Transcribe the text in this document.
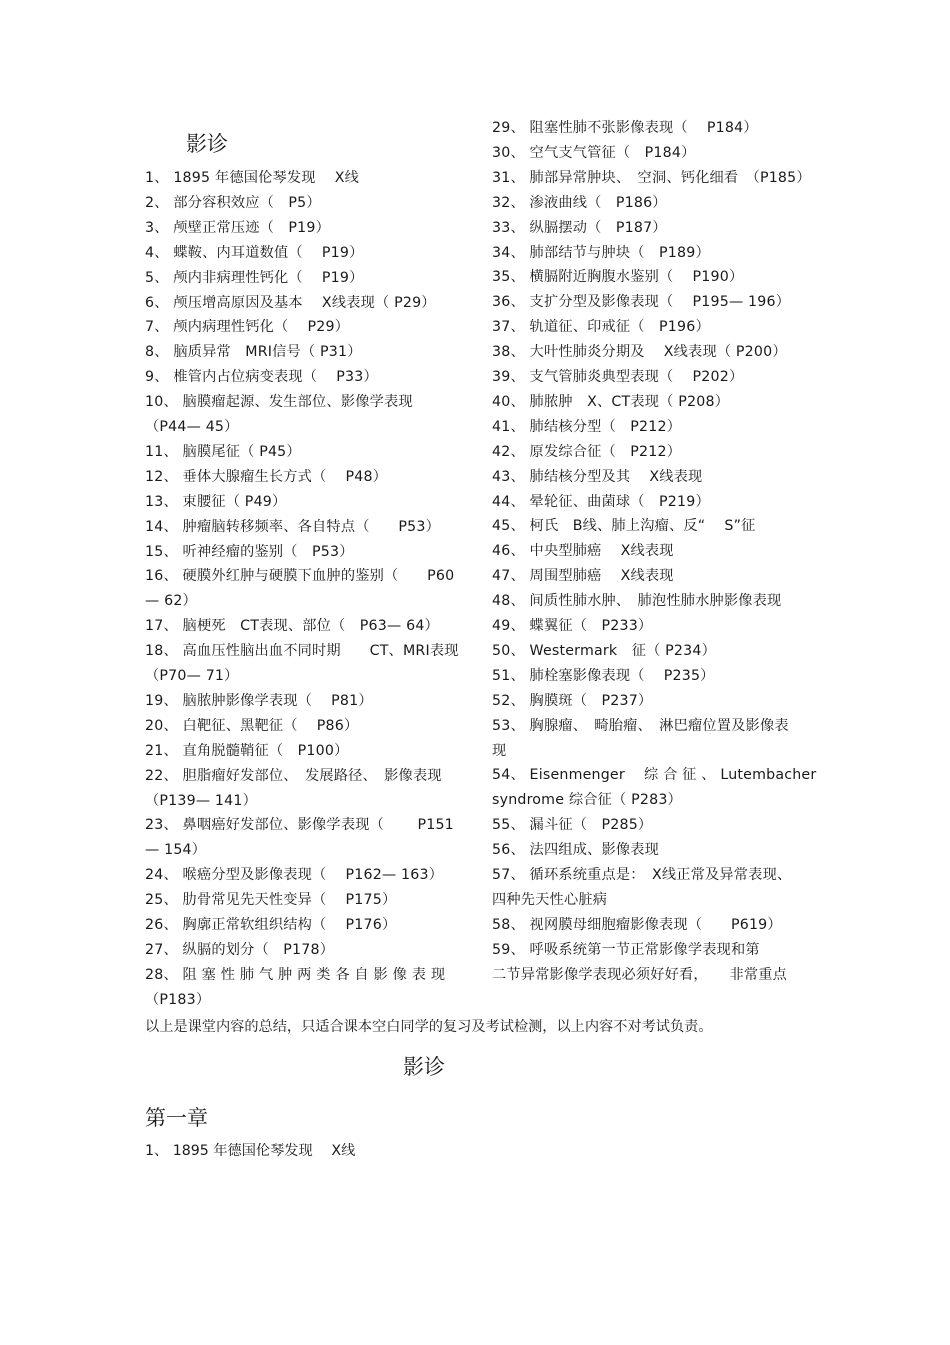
影诊
1、 1895 年德国伦琴发现　 X线
2、 部分容积效应（　P5）
3、 颅壁正常压迹（　P19）
4、 蝶鞍、内耳道数值（　 P19）
5、 颅内非病理性钙化（　 P19）
6、 颅压增高原因及基本　 X线表现（ P29）
7、 颅内病理性钙化（　 P29）
8、 脑质异常　MRI信号（ P31）
9、 椎管内占位病变表现（　 P33）
10、 脑膜瘤起源、发生部位、影像学表现
（P44— 45）
11、 脑膜尾征（ P45）
12、 垂体大腺瘤生长方式（　 P48）
13、 束腰征（ P49）
14、 肿瘤脑转移频率、各自特点（　　P53）
15、 听神经瘤的鉴别（　P53）
16、 硬膜外红肿与硬膜下血肿的鉴别（　　P60
— 62）
17、 脑梗死　CT表现、部位（　P63— 64）
18、 高血压性脑出血不同时期　　CT、MRI表现
（P70— 71）
19、 脑脓肿影像学表现（　 P81）
20、 白靶征、黑靶征（　 P86）
21、 直角脱髓鞘征（　P100）
22、 胆脂瘤好发部位、　发展路径、　影像表现
（P139— 141）
23、 鼻咽癌好发部位、影像学表现（　　 P151
— 154）
24、 喉癌分型及影像表现（　 P162— 163）
25、 肋骨常见先天性变异（　 P175）
26、 胸廓正常软组织结构（　 P176）
27、 纵膈的划分（　P178）
28、 阻 塞 性 肺 气 肿 两 类 各 自 影 像 表 现
（P183）
29、 阻塞性肺不张影像表现（　 P184）
30、 空气支气管征（　P184）
31、 肺部异常肿块、　空洞、钙化细看　（P185）
32、 渗液曲线（　P186）
33、 纵膈摆动（　P187）
34、 肺部结节与肿块（　P189）
35、 横膈附近胸腹水鉴别（　 P190）
36、 支扩分型及影像表现（　 P195— 196）
37、 轨道征、印戒征（　P196）
38、 大叶性肺炎分期及　 X线表现（ P200）
39、 支气管肺炎典型表现（　 P202）
40、 肺脓肿　X、CT表现（ P208）
41、 肺结核分型（　P212）
42、 原发综合征（　P212）
43、 肺结核分型及其　 X线表现
44、 晕轮征、曲菌球（　P219）
45、 柯氏　B线、肺上沟瘤、反“　 S”征
46、 中央型肺癌　 X线表现
47、 周围型肺癌　 X线表现
48、 间质性肺水肿、　肺泡性肺水肿影像表现
49、 蝶翼征（　P233）
50、 Westermark　征（ P234）
51、 肺栓塞影像表现（　 P235）
52、 胸膜斑（　P237）
53、 胸腺瘤、　畸胎瘤、　淋巴瘤位置及影像表
现
54、 Eisenmenger　 综 合 征 、 Lutembacher
syndrome 综合征（ P283）
55、 漏斗征（　P285）
56、 法四组成、影像表现
57、 循环系统重点是：　X线正常及异常表现、
四种先天性心脏病
58、 视网膜母细胞瘤影像表现（　　P619）
59、 呼吸系统第一节正常影像学表现和第
二节异常影像学表现必须好好看，　　非常重点
以上是课堂内容的总结，只适合课本空白同学的复习及考试检测，以上内容不对考试负责。
影诊
第一章
1、 1895 年德国伦琴发现　 X线
